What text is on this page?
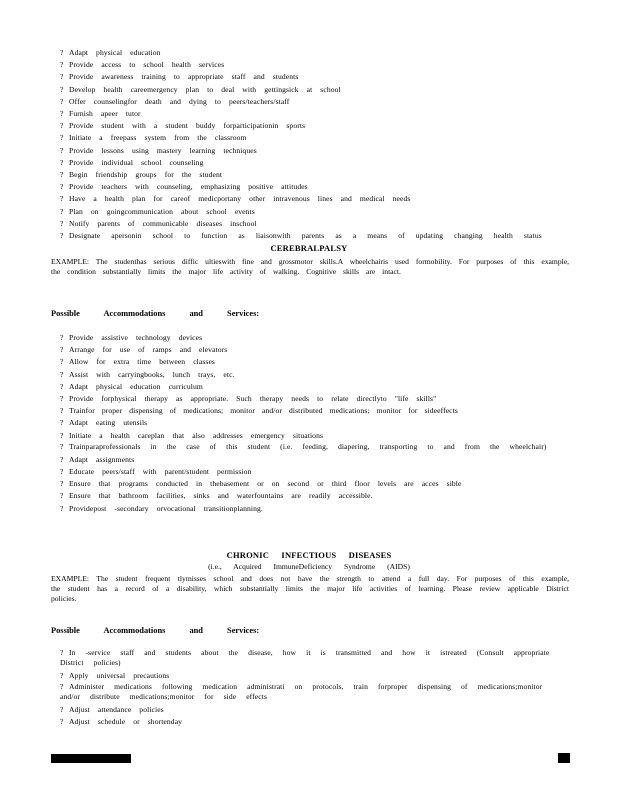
? Adapt physical education
? Provide access to school health services
? Provide awareness training to appropriate staff and students
? Develop health careemergency plan to deal with gettingsick at school
? Offer counselingfor death and dying to peers/teachers/staff
? Furnish apeer tutor
? Provide student with a student buddy forparticipationin sports
? Initiate a freepass system from the classroom
? Provide lessons using mastery learning techniques
? Provide individual school counseling
? Begin friendship groups for the student
? Provide teachers with counseling, emphasizing positive attitudes
? Have a health plan for careof medicportany other intravenous lines and medical needs
? Plan on goingcommunication about school events
? Notify parents of communicable diseases inschool
? Designate apersonin school to function as liaisonwith parents as a means of updating changing health status
CEREBRALPALSY
EXAMPLE: The studenthas serious diffic ultieswith fine and grossmotor skills.A wheelchairis used formobility. For purposes of this example, the condition substantially limits the major life activity of walking. Cognitive skills are intact.
Possible Accommodations and Services:
? Provide assistive technology devices
? Arrange for use of ramps and elevators
? Allow for extra time between classes
? Assist with carryingbooks, lunch trays, etc.
? Adapt physical education curriculum
? Provide forphysical therapy as appropriate. Such therapy needs to relate directlyto "life skills"
? Trainfor proper dispensing of medications; monitor and/or distributed medications; monitor for sideeffects
? Adapt eating utensils
? Initiate a health careplan that also addresses emergency situations
? Trainparaprofessionals in the case of this student (i.e. feeding, diapering, transporting to and from the wheelchair)
? Adapt assignments
? Educate peers/staff with parent/student permission
? Ensure that programs conducted in thebasement or on second or third floor levels are acces sible
? Ensure that bathroom facilities, sinks and waterfountains are readily accessible.
? Providepost -secondary orvocational transitionplanning.
CHRONIC INFECTIOUS DISEASES
(i.e., Acquired ImmuneDeficiency Syndrome (AIDS)
EXAMPLE: The student frequent tlymisses school and does not have the strength to attend a full day. For purposes of this example, the student has a record of a disability, which substantially limits the major life activities of learning. Please review applicable District policies.
Possible Accommodations and Services:
? In -service staff and students about the disease, how it is transmitted and how it istreated (Consult appropriate District policies)
? Apply universal precautions
? Administer medications following medication administrati on protocols, train forproper dispensing of medications;monitor and/or distribute medications;monitor for side effects
? Adjust attendance policies
? Adjust schedule or shortenday
